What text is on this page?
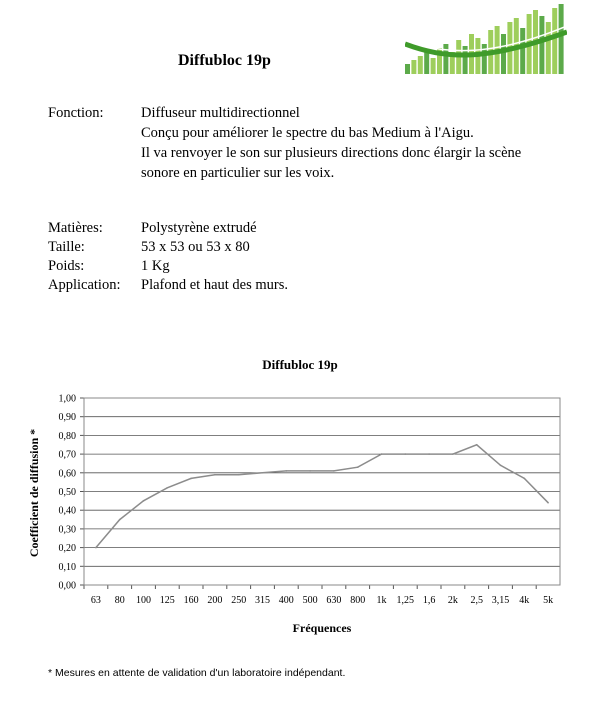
Diffubloc 19p
Fonction:	Diffuseur multidirectionnel
Conçu pour améliorer le spectre du bas Medium à l'Aigu.
Il va renvoyer le son sur plusieurs directions donc élargir la scène
sonore en particulier sur les voix.
Matières:	Polystyrène extrudé
Taille:	53 x 53 ou 53 x 80
Poids:	1 Kg
Application: Plafond et haut des murs.
Diffubloc 19p
0,00
0,10
0,20
0,30
0,40
0,50
0,60
0,70
0,80
0,90
1,00
63 80 100 125 160 200 250 315 400 500 630 800 1k 1,25 1,6 2k 2,5 3,15 4k 5k
Fréquences
Coefficient de diffusion *
* Mesures en attente de validation d'un laboratoire indépendant.
